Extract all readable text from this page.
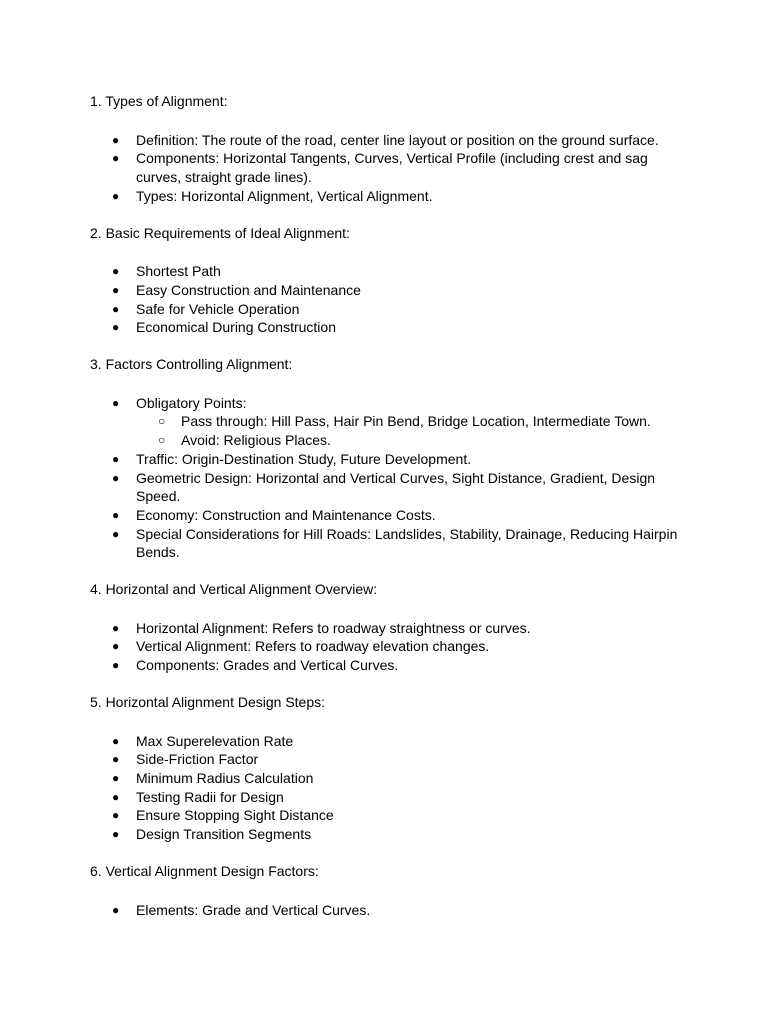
1. Types of Alignment:

● Definition: The route of the road, center line layout or position on the ground surface.
● Components: Horizontal Tangents, Curves, Vertical Profile (including crest and sag curves, straight grade lines).
● Types: Horizontal Alignment, Vertical Alignment.

2. Basic Requirements of Ideal Alignment:

● Shortest Path
● Easy Construction and Maintenance
● Safe for Vehicle Operation
● Economical During Construction

3. Factors Controlling Alignment:

● Obligatory Points:
○ Pass through: Hill Pass, Hair Pin Bend, Bridge Location, Intermediate Town.
○ Avoid: Religious Places.
● Traffic: Origin-Destination Study, Future Development.
● Geometric Design: Horizontal and Vertical Curves, Sight Distance, Gradient, Design Speed.
● Economy: Construction and Maintenance Costs.
● Special Considerations for Hill Roads: Landslides, Stability, Drainage, Reducing Hairpin Bends.

4. Horizontal and Vertical Alignment Overview:

● Horizontal Alignment: Refers to roadway straightness or curves.
● Vertical Alignment: Refers to roadway elevation changes.
● Components: Grades and Vertical Curves.

5. Horizontal Alignment Design Steps:

● Max Superelevation Rate
● Side-Friction Factor
● Minimum Radius Calculation
● Testing Radii for Design
● Ensure Stopping Sight Distance
● Design Transition Segments

6. Vertical Alignment Design Factors:

● Elements: Grade and Vertical Curves.
